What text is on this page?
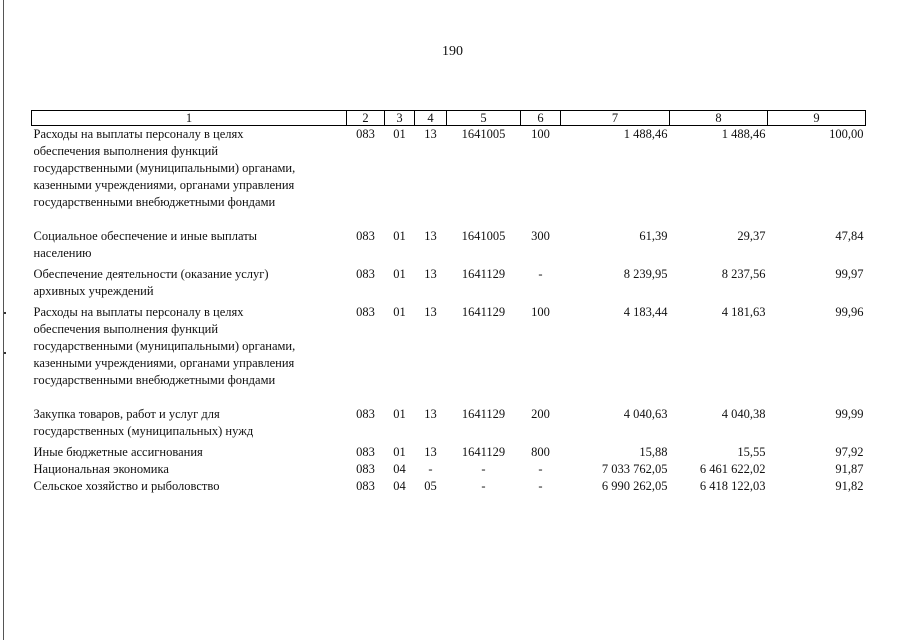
190
1	2	3	4	5	6	7	8	9

Расходы на выплаты персоналу в целях
обеспечения выполнения функций
государственными (муниципальными) органами,
казенными учреждениями, органами управления
государственными внебюджетными фондами	083	01	13	1641005	100	1 488,46	1 488,46	100,00

Социальное обеспечение и иные выплаты
населению	083	01	13	1641005	300	61,39	29,37	47,84

Обеспечение деятельности (оказание услуг)
архивных учреждений	083	01	13	1641129	-	8 239,95	8 237,56	99,97

Расходы на выплаты персоналу в целях
обеспечения выполнения функций
государственными (муниципальными) органами,
казенными учреждениями, органами управления
государственными внебюджетными фондами	083	01	13	1641129	100	4 183,44	4 181,63	99,96

Закупка товаров, работ и услуг для
государственных (муниципальных) нужд	083	01	13	1641129	200	4 040,63	4 040,38	99,99

Иные бюджетные ассигнования	083	01	13	1641129	800	15,88	15,55	97,92

Национальная экономика	083	04	-	-	-	7 033 762,05	6 461 622,02	91,87

Сельское хозяйство и рыболовство	083	04	05	-	-	6 990 262,05	6 418 122,03	91,82
